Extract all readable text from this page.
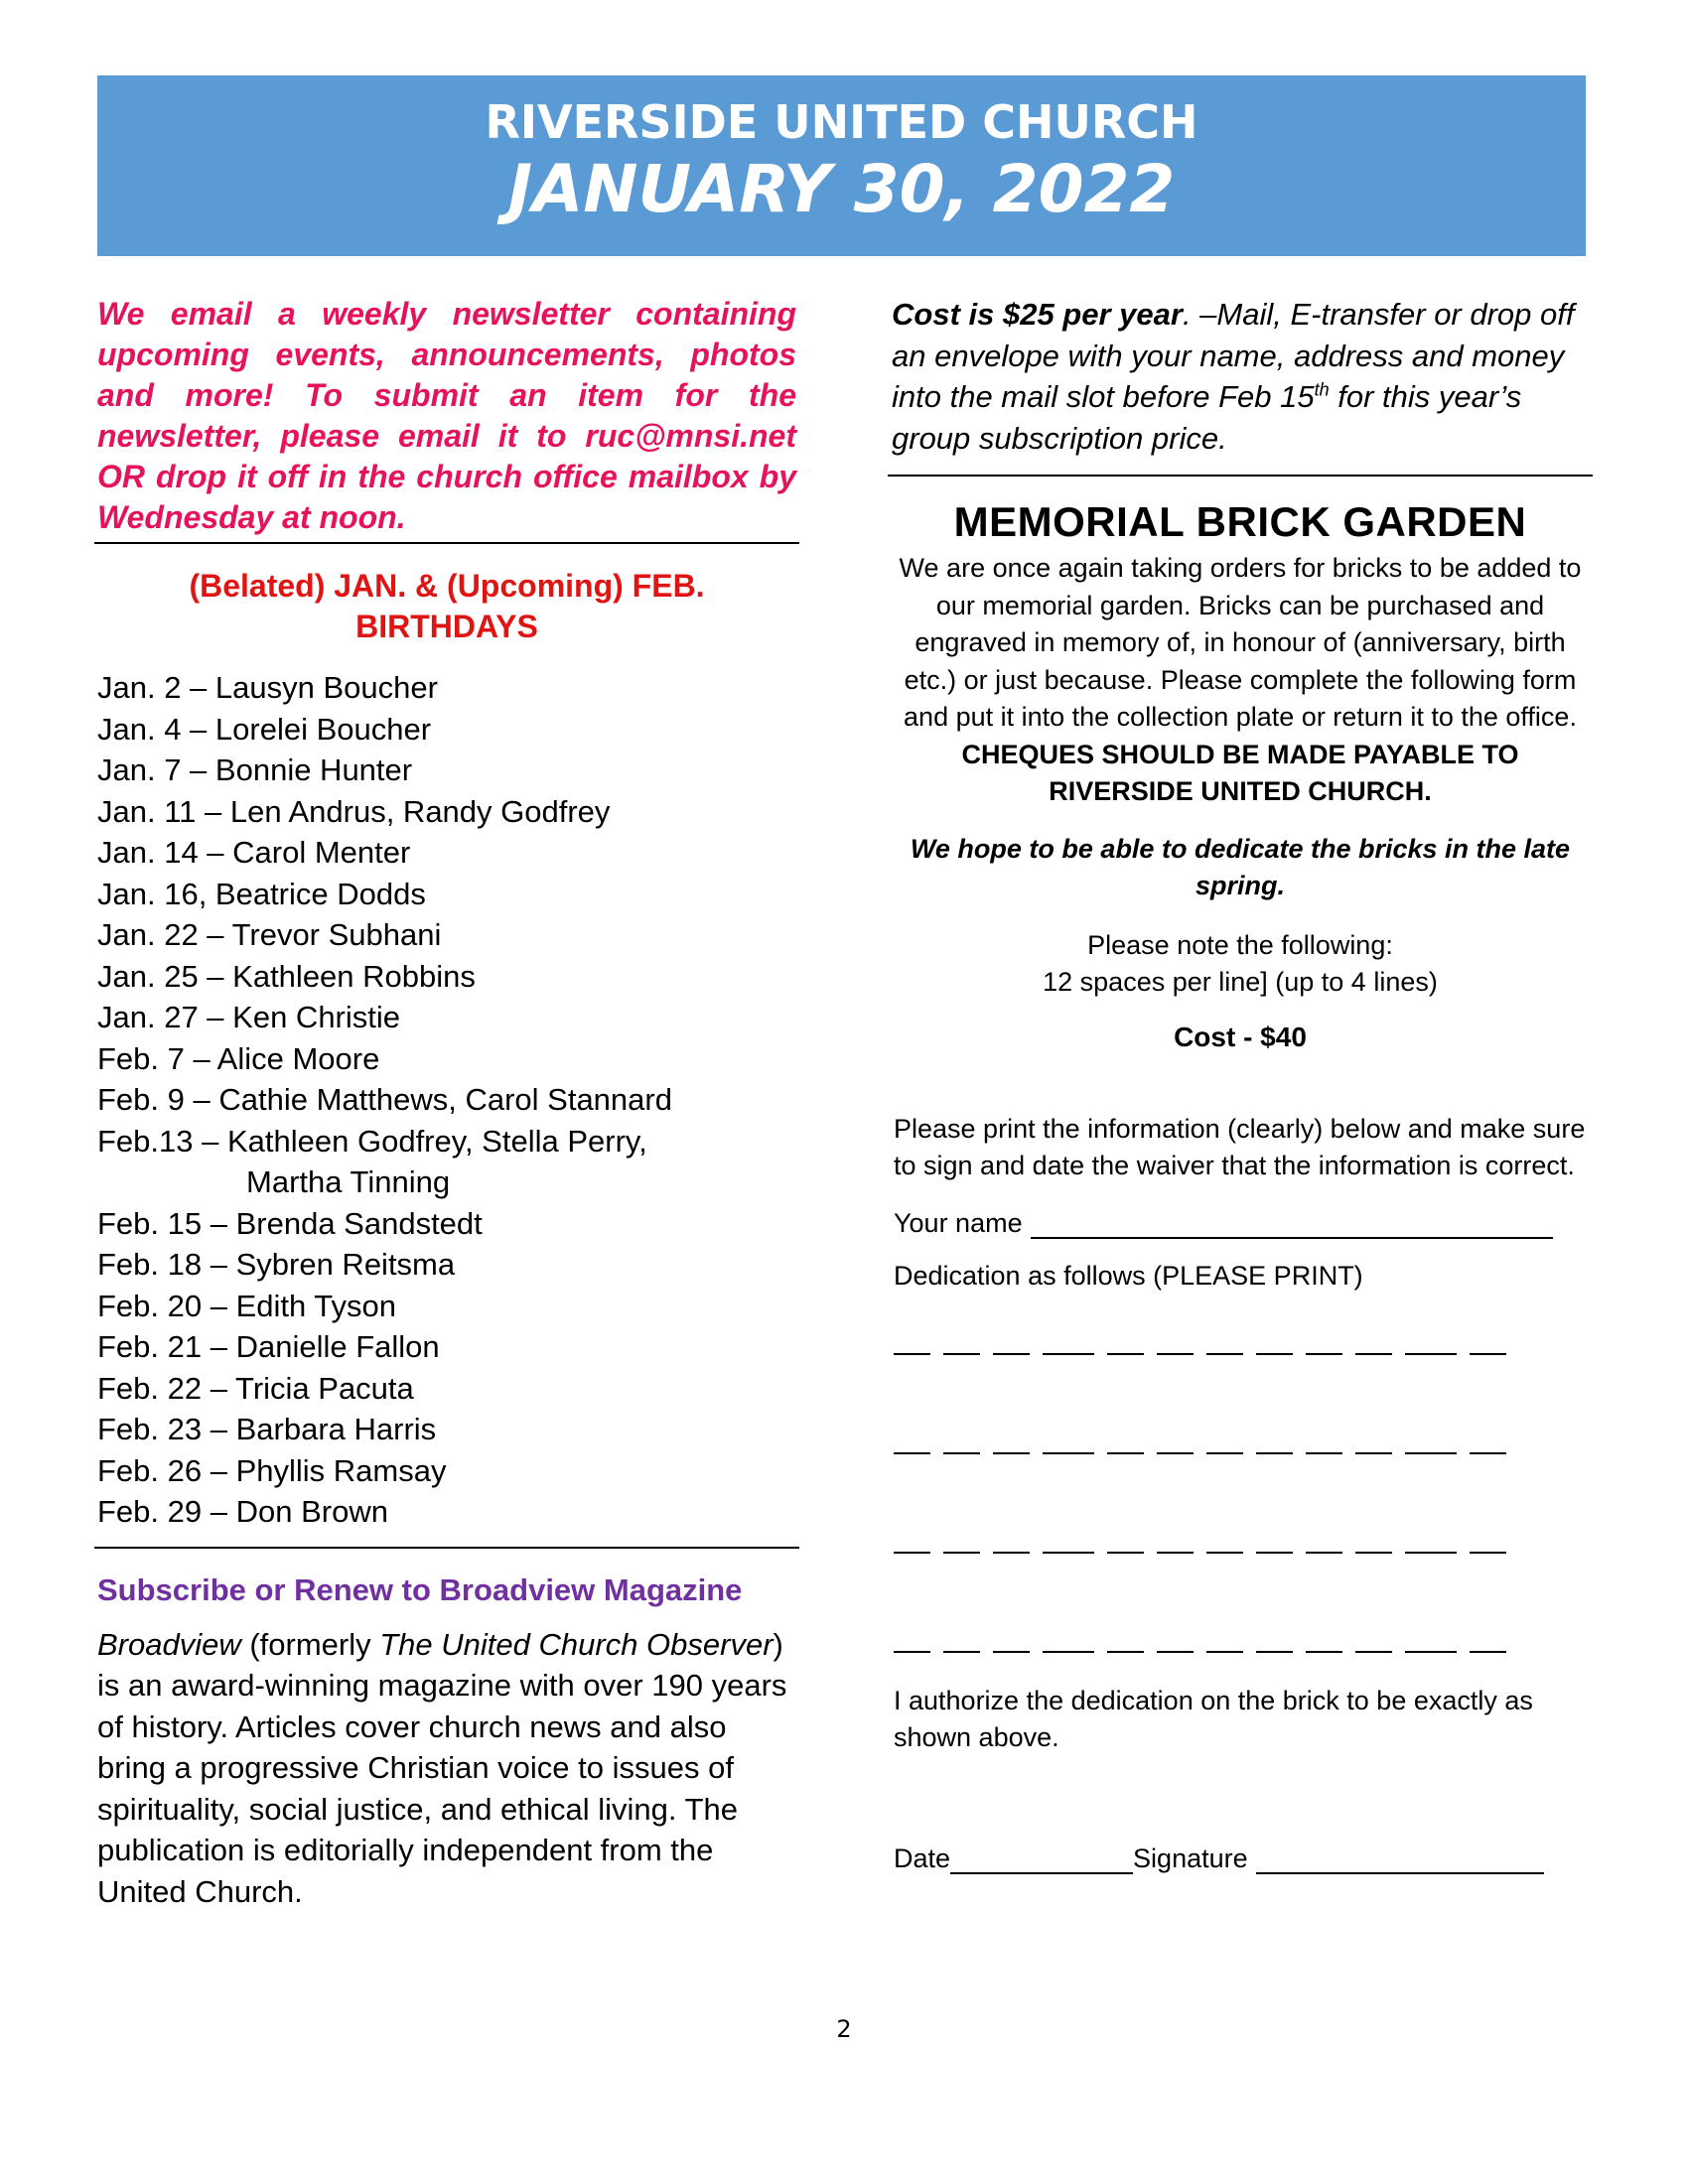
RIVERSIDE UNITED CHURCH
JANUARY 30, 2022

We email a weekly newsletter containing upcoming events, announcements, photos and more! To submit an item for the newsletter, please email it to ruc@mnsi.net OR drop it off in the church office mailbox by Wednesday at noon.

(Belated) JAN. & (Upcoming) FEB.
BIRTHDAYS
Jan. 2 – Lausyn Boucher
Jan. 4 – Lorelei Boucher
Jan. 7 – Bonnie Hunter
Jan. 11 – Len Andrus, Randy Godfrey
Jan. 14 – Carol Menter
Jan. 16, Beatrice Dodds
Jan. 22 – Trevor Subhani
Jan. 25 – Kathleen Robbins
Jan. 27 – Ken Christie
Feb. 7 – Alice Moore
Feb. 9 – Cathie Matthews, Carol Stannard
Feb.13 – Kathleen Godfrey, Stella Perry,
Martha Tinning
Feb. 15 – Brenda Sandstedt
Feb. 18 – Sybren Reitsma
Feb. 20 – Edith Tyson
Feb. 21 – Danielle Fallon
Feb. 22 – Tricia Pacuta
Feb. 23 – Barbara Harris
Feb. 26 – Phyllis Ramsay
Feb. 29 – Don Brown
Subscribe or Renew to Broadview Magazine

Broadview (formerly The United Church Observer) is an award-winning magazine with over 190 years of history. Articles cover church news and also bring a progressive Christian voice to issues of spirituality, social justice, and ethical living. The publication is editorially independent from the United Church.

Cost is $25 per year. –Mail, E-transfer or drop off an envelope with your name, address and money into the mail slot before Feb 15th for this year’s group subscription price.

MEMORIAL BRICK GARDEN

We are once again taking orders for bricks to be added to our memorial garden. Bricks can be purchased and engraved in memory of, in honour of (anniversary, birth etc.) or just because. Please complete the following form and put it into the collection plate or return it to the office. CHEQUES SHOULD BE MADE PAYABLE TO RIVERSIDE UNITED CHURCH.

We hope to be able to dedicate the bricks in the late spring.

Please note the following:

12 spaces per line] (up to 4 lines)

Cost - $40

Please print the information (clearly) below and make sure to sign and date the waiver that the information is correct.

Your name
Dedication as follows (PLEASE PRINT)

I authorize the dedication on the brick to be exactly as shown above.

Date	Signature
2
